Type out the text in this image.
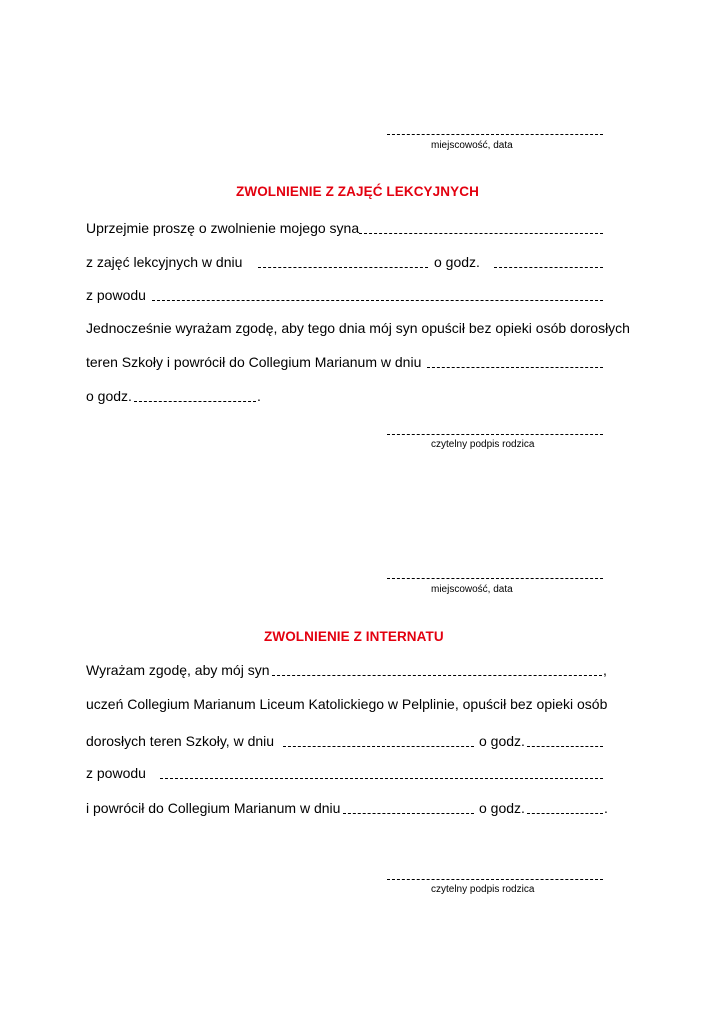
miejscowość, data
ZWOLNIENIE Z ZAJĘĆ LEKCYJNYCH
Uprzejmie proszę o zwolnienie mojego syna
z zajęć lekcyjnych w dniu	o godz.
z powodu
Jednocześnie wyrażam zgodę, aby tego dnia mój syn opuścił bez opieki osób dorosłych
teren Szkoły i powrócił do Collegium Marianum w dniu
o godz.	.
czytelny podpis rodzica
miejscowość, data
ZWOLNIENIE Z INTERNATU
Wyrażam zgodę, aby mój syn	,
uczeń Collegium Marianum Liceum Katolickiego w Pelplinie, opuścił bez opieki osób
dorosłych teren Szkoły, w dniu	o godz.
z powodu
i powrócił do Collegium Marianum w dniu	o godz.	.
czytelny podpis rodzica
